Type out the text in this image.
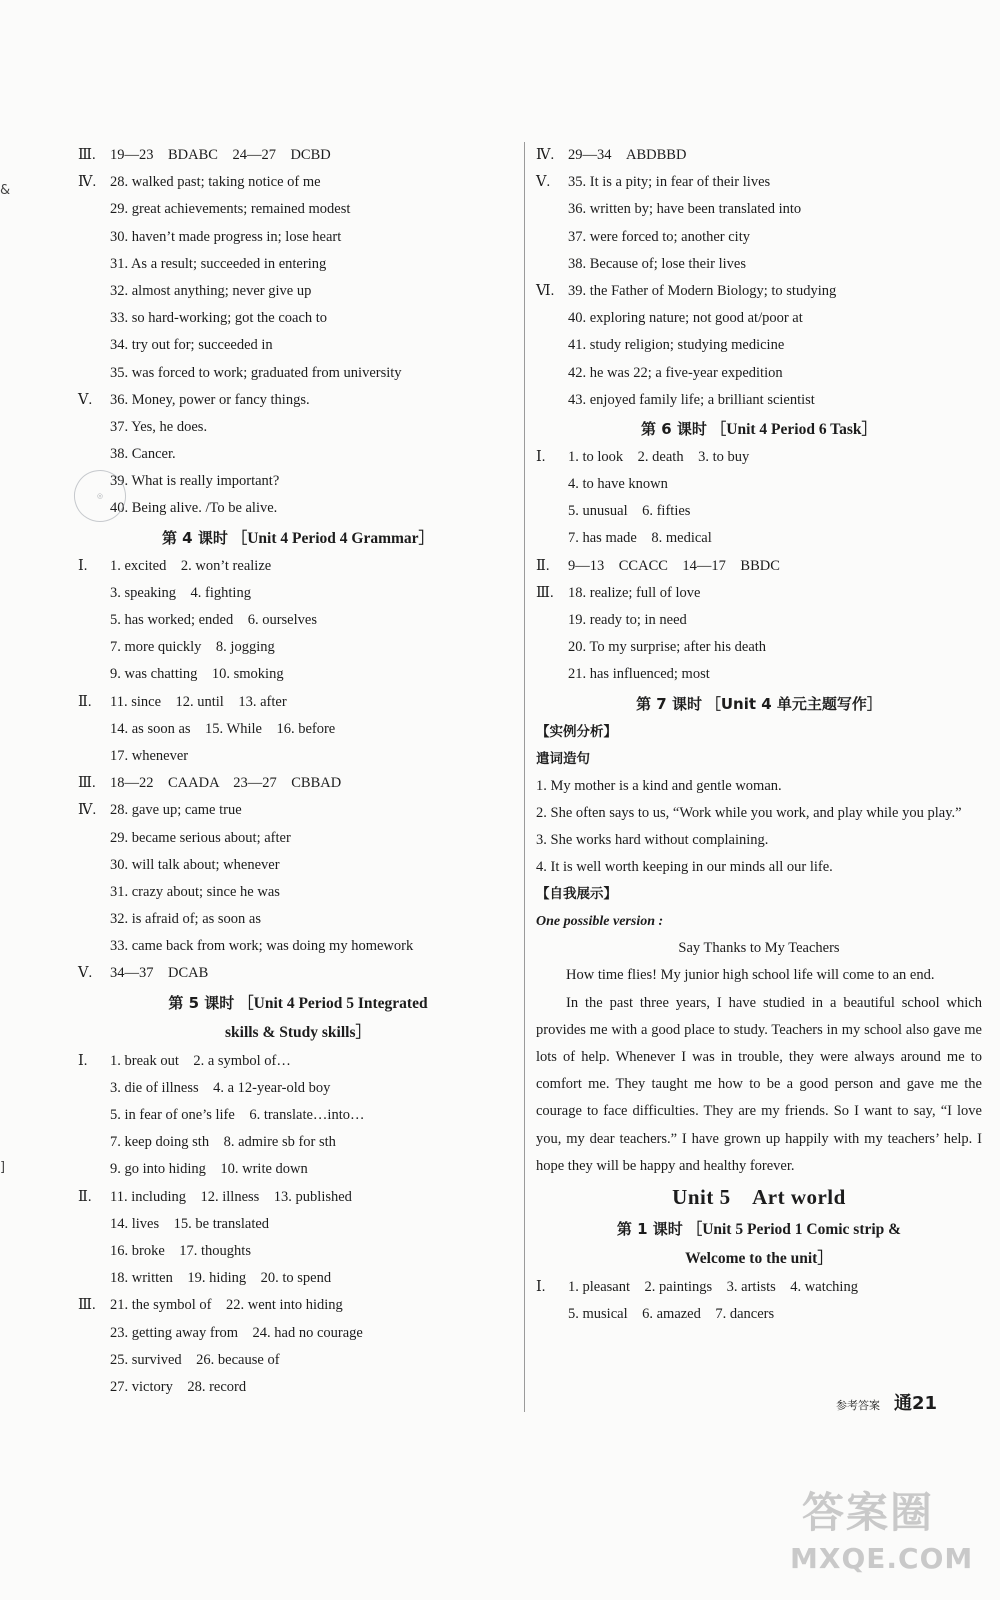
&
]
Ⅲ. 19—23　BDABC　24—27　DCBD
Ⅳ. 28. walked past; taking notice of me
29. great achievements; remained modest
30. haven’t made progress in; lose heart
31. As a result; succeeded in entering
32. almost anything; never give up
33. so hard-working; got the coach to
34. try out for; succeeded in
35. was forced to work; graduated from university
Ⅴ. 36. Money, power or fancy things.
37. Yes, he does.
38. Cancer.
39. What is really important?
40. Being alive. /To be alive.
第 4 课时 ［Unit 4 Period 4 Grammar］
Ⅰ. 1. excited　2. won’t realize
3. speaking　4. fighting
5. has worked; ended　6. ourselves
7. more quickly　8. jogging
9. was chatting　10. smoking
Ⅱ. 11. since　12. until　13. after
14. as soon as　15. While　16. before
17. whenever
Ⅲ. 18—22　CAADA　23—27　CBBAD
Ⅳ. 28. gave up; came true
29. became serious about; after
30. will talk about; whenever
31. crazy about; since he was
32. is afraid of; as soon as
33. came back from work; was doing my homework
Ⅴ. 34—37　DCAB
第 5 课时 ［Unit 4 Period 5 Integrated
skills & Study skills］
Ⅰ. 1. break out　2. a symbol of…
3. die of illness　4. a 12-year-old boy
5. in fear of one’s life　6. translate…into…
7. keep doing sth　8. admire sb for sth
9. go into hiding　10. write down
Ⅱ. 11. including　12. illness　13. published
14. lives　15. be translated
16. broke　17. thoughts
18. written　19. hiding　20. to spend
Ⅲ. 21. the symbol of　22. went into hiding
23. getting away from　24. had no courage
25. survived　26. because of
27. victory　28. record
◎
Ⅳ. 29—34　ABDBBD
Ⅴ. 35. It is a pity; in fear of their lives
36. written by; have been translated into
37. were forced to; another city
38. Because of; lose their lives
Ⅵ. 39. the Father of Modern Biology; to studying
40. exploring nature; not good at/poor at
41. study religion; studying medicine
42. he was 22; a five-year expedition
43. enjoyed family life; a brilliant scientist
第 6 课时 ［Unit 4 Period 6 Task］
Ⅰ. 1. to look　2. death　3. to buy
4. to have known
5. unusual　6. fifties
7. has made　8. medical
Ⅱ. 9—13　CCACC　14—17　BBDC
Ⅲ. 18. realize; full of love
19. ready to; in need
20. To my surprise; after his death
21. has influenced; most
第 7 课时 ［Unit 4 单元主题写作］
【实例分析】
遣词造句
1. My mother is a kind and gentle woman.
2. She often says to us, “Work while you work, and play while you play.”
3. She works hard without complaining.
4. It is well worth keeping in our minds all our life.
【自我展示】
One possible version :
Say Thanks to My Teachers

How time flies! My junior high school life will come to an end.

In the past three years, I have studied in a beautiful school which provides me with a good place to study. Teachers in my school also gave me lots of help. Whenever I was in trouble, they were always around me to comfort me. They taught me how to be a good person and gave me the courage to face difficulties. They are my friends. So I want to say, “I love you, my dear teachers.” I have grown up happily with my teachers’ help. I hope they will be happy and healthy forever.

Unit 5　Art world
第 1 课时 ［Unit 5 Period 1 Comic strip &
Welcome to the unit］
Ⅰ. 1. pleasant　2. paintings　3. artists　4. watching
5. musical　6. amazed　7. dancers
参考答案 通21
答案圈
MXQE.COM
